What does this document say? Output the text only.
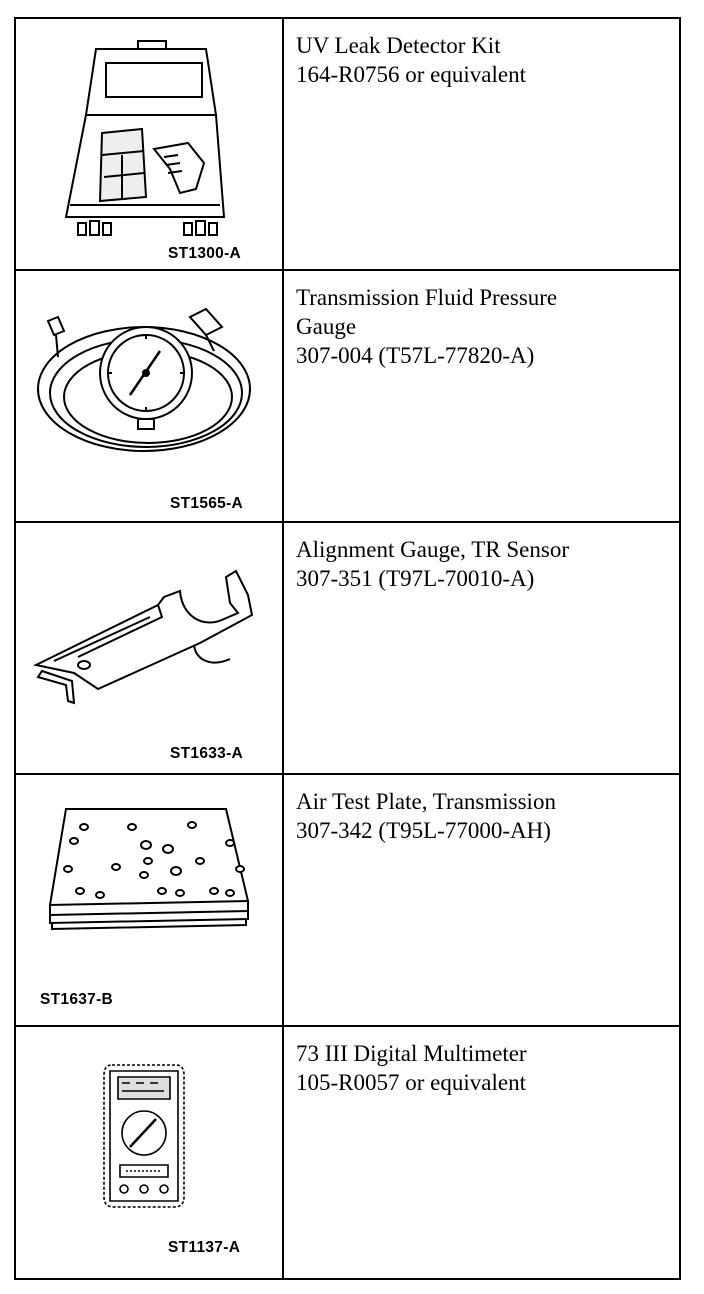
ST1300-A
UV Leak Detector Kit
164-R0756 or equivalent
ST1565-A
Transmission Fluid Pressure
Gauge
307-004 (T57L-77820-A)
ST1633-A
Alignment Gauge, TR Sensor
307-351 (T97L-70010-A)
ST1637-B
Air Test Plate, Transmission
307-342 (T95L-77000-AH)
ST1137-A
73 III Digital Multimeter
105-R0057 or equivalent
